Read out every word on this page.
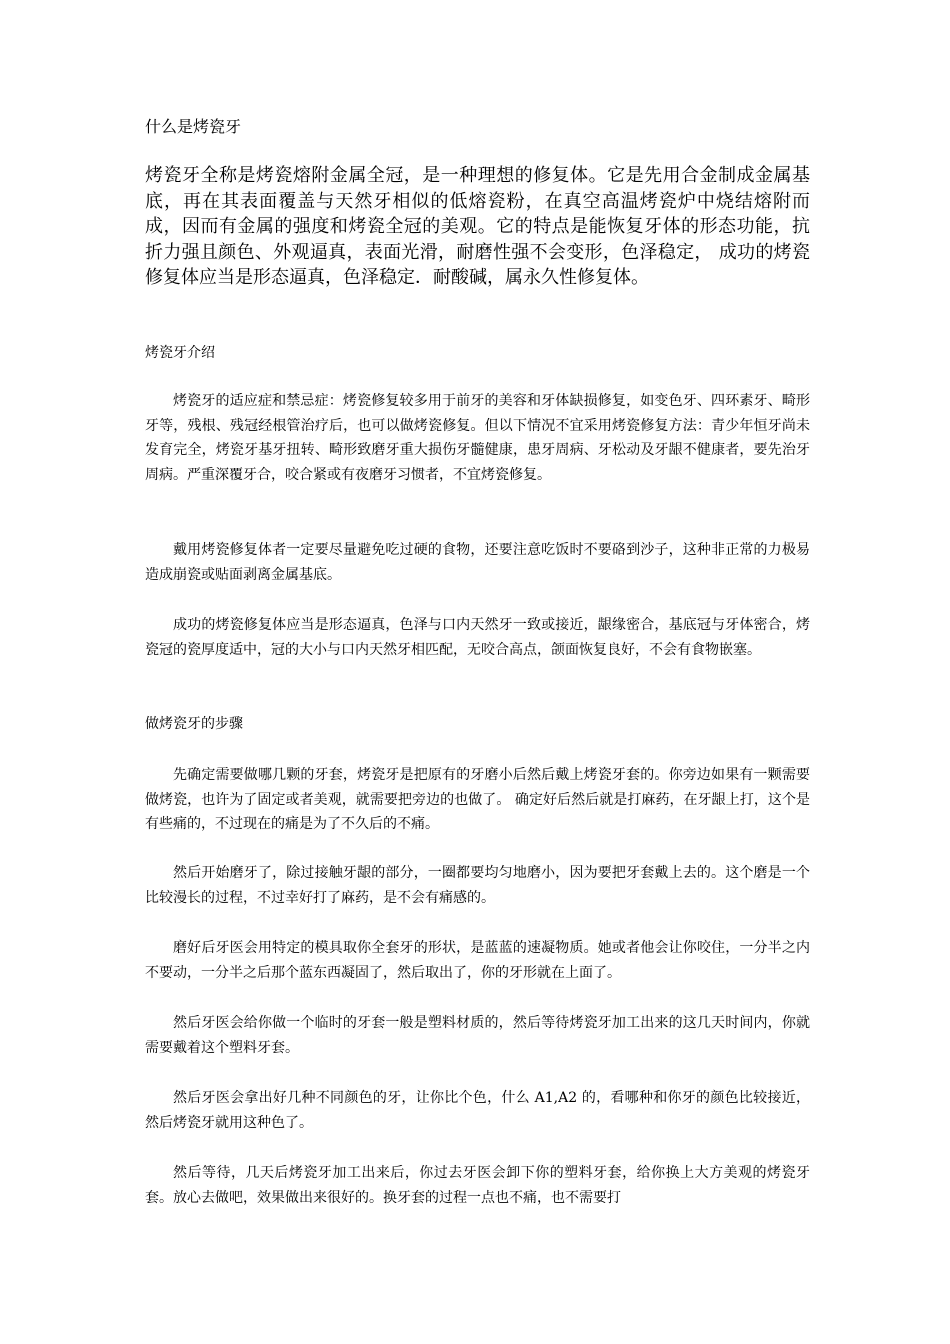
什么是烤瓷牙

烤瓷牙全称是烤瓷熔附金属全冠，是一种理想的修复体。它是先用合金制成金属基底，再在其表面覆盖与天然牙相似的低熔瓷粉，在真空高温烤瓷炉中烧结熔附而 成，因而有金属的强度和烤瓷全冠的美观。它的特点是能恢复牙体的形态功能，抗折力强且颜色、外观逼真，表面光滑，耐磨性强不会变形，色泽稳定， 成功的烤瓷修复体应当是形态逼真，色泽稳定．耐酸碱，属永久性修复体。

烤瓷牙介绍

烤瓷牙的适应症和禁忌症：烤瓷修复较多用于前牙的美容和牙体缺损修复，如变色牙、四环素牙、畸形牙等，残根、残冠经根管治疗后，也可以做烤瓷修复。但以下情况不宜采用烤瓷修复方法：青少年恒牙尚未发育完全，烤瓷牙基牙扭转、畸形致磨牙重大损伤牙髓健康，患牙周病、牙松动及牙龈不健康者，要先治牙周病。严重深覆牙合，咬合紧或有夜磨牙习惯者，不宜烤瓷修复。

戴用烤瓷修复体者一定要尽量避免吃过硬的食物，还要注意吃饭时不要硌到沙子，这种非正常的力极易造成崩瓷或贴面剥离金属基底。

成功的烤瓷修复体应当是形态逼真，色泽与口内天然牙一致或接近，龈缘密合，基底冠与牙体密合，烤瓷冠的瓷厚度适中，冠的大小与口内天然牙相匹配，无咬合高点，颌面恢复良好，不会有食物嵌塞。

做烤瓷牙的步骤

先确定需要做哪几颗的牙套，烤瓷牙是把原有的牙磨小后然后戴上烤瓷牙套的。你旁边如果有一颗需要做烤瓷，也许为了固定或者美观，就需要把旁边的也做了。 确定好后然后就是打麻药，在牙龈上打，这个是有些痛的，不过现在的痛是为了不久后的不痛。

然后开始磨牙了，除过接触牙龈的部分，一圈都要均匀地磨小，因为要把牙套戴上去的。这个磨是一个比较漫长的过程，不过幸好打了麻药，是不会有痛感的。

磨好后牙医会用特定的模具取你全套牙的形状，是蓝蓝的速凝物质。她或者他会让你咬住，一分半之内不要动，一分半之后那个蓝东西凝固了，然后取出了，你的牙形就在上面了。

然后牙医会给你做一个临时的牙套一般是塑料材质的，然后等待烤瓷牙加工出来的这几天时间内，你就需要戴着这个塑料牙套。

然后牙医会拿出好几种不同颜色的牙，让你比个色，什么 A1,A2 的，看哪种和你牙的颜色比较接近，然后烤瓷牙就用这种色了。

然后等待，几天后烤瓷牙加工出来后，你过去牙医会卸下你的塑料牙套，给你换上大方美观的烤瓷牙套。放心去做吧，效果做出来很好的。换牙套的过程一点也不痛，也不需要打
